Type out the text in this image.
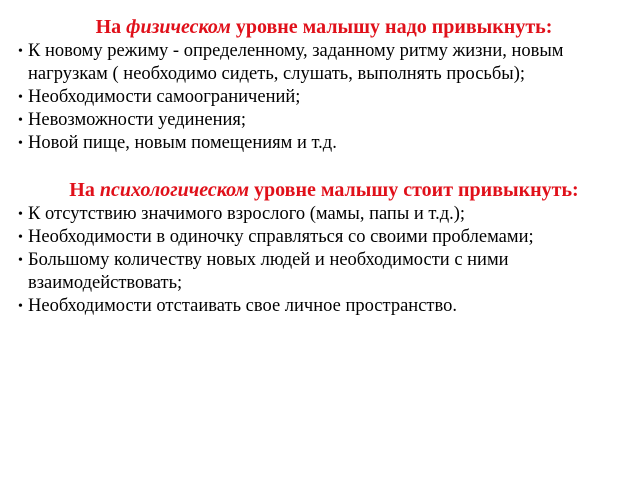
На физическом уровне малышу надо привыкнуть:
• К новому режиму - определенному, заданному ритму жизни, новым нагрузкам ( необходимо сидеть, слушать, выполнять просьбы);
• Необходимости самоограничений;
• Невозможности уединения;
• Новой пище, новым помещениям и т.д.
На психологическом уровне малышу стоит привыкнуть:
• К отсутствию значимого взрослого (мамы, папы и т.д.);
• Необходимости в одиночку справляться со своими проблемами;
• Большому количеству новых людей и необходимости с ними взаимодействовать;
• Необходимости отстаивать свое личное пространство.
